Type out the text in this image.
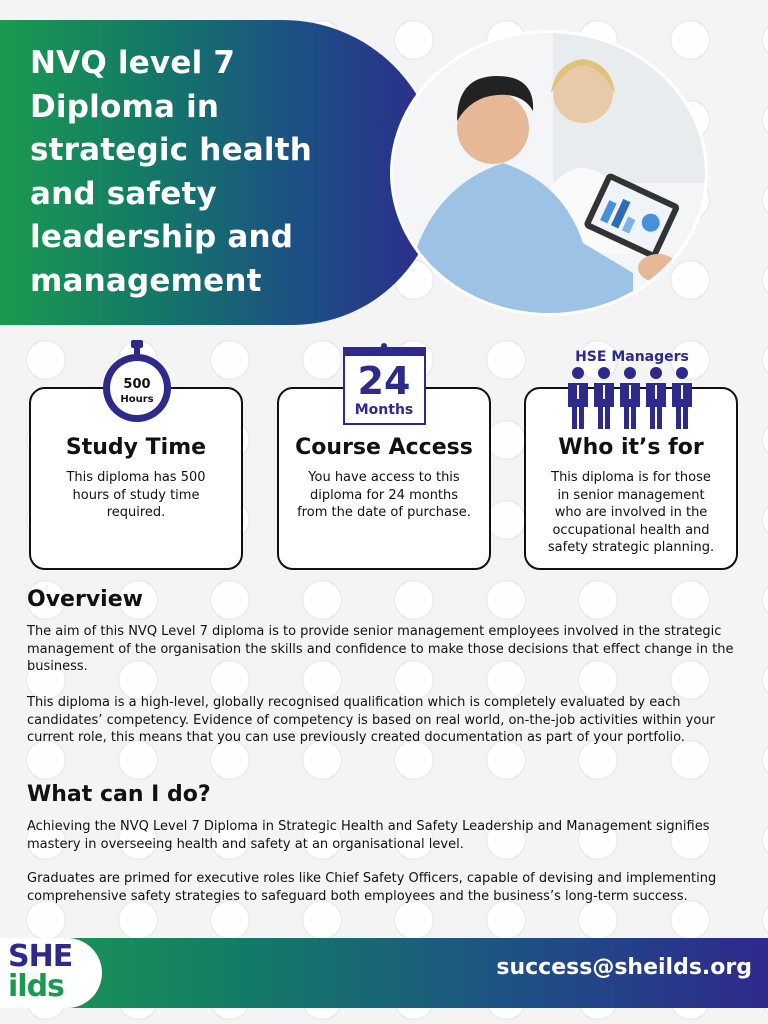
NVQ level 7 Diploma in strategic health and safety leadership and management
Study Time

This diploma has 500 hours of study time required.

500
Hours
Course Access

You have access to this diploma for 24 months from the date of purchase.

24
Months
Who it’s for

This diploma is for those in senior management who are involved in the occupational health and safety strategic planning.

HSE Managers
Overview

The aim of this NVQ Level 7 diploma is to provide senior management employees involved in the strategic management of the organisation the skills and confidence to make those decisions that effect change in the business.

This diploma is a high-level, globally recognised qualification which is completely evaluated by each candidates’ competency. Evidence of competency is based on real world, on-the-job activities within your current role, this means that you can use previously created documentation as part of your portfolio.

What can I do?

Achieving the NVQ Level 7 Diploma in Strategic Health and Safety Leadership and Management signifies mastery in overseeing health and safety at an organisational level.

Graduates are primed for executive roles like Chief Safety Officers, capable of devising and implementing comprehensive safety strategies to safeguard both employees and the business’s long-term success.

SHE
ilds
success@sheilds.org
